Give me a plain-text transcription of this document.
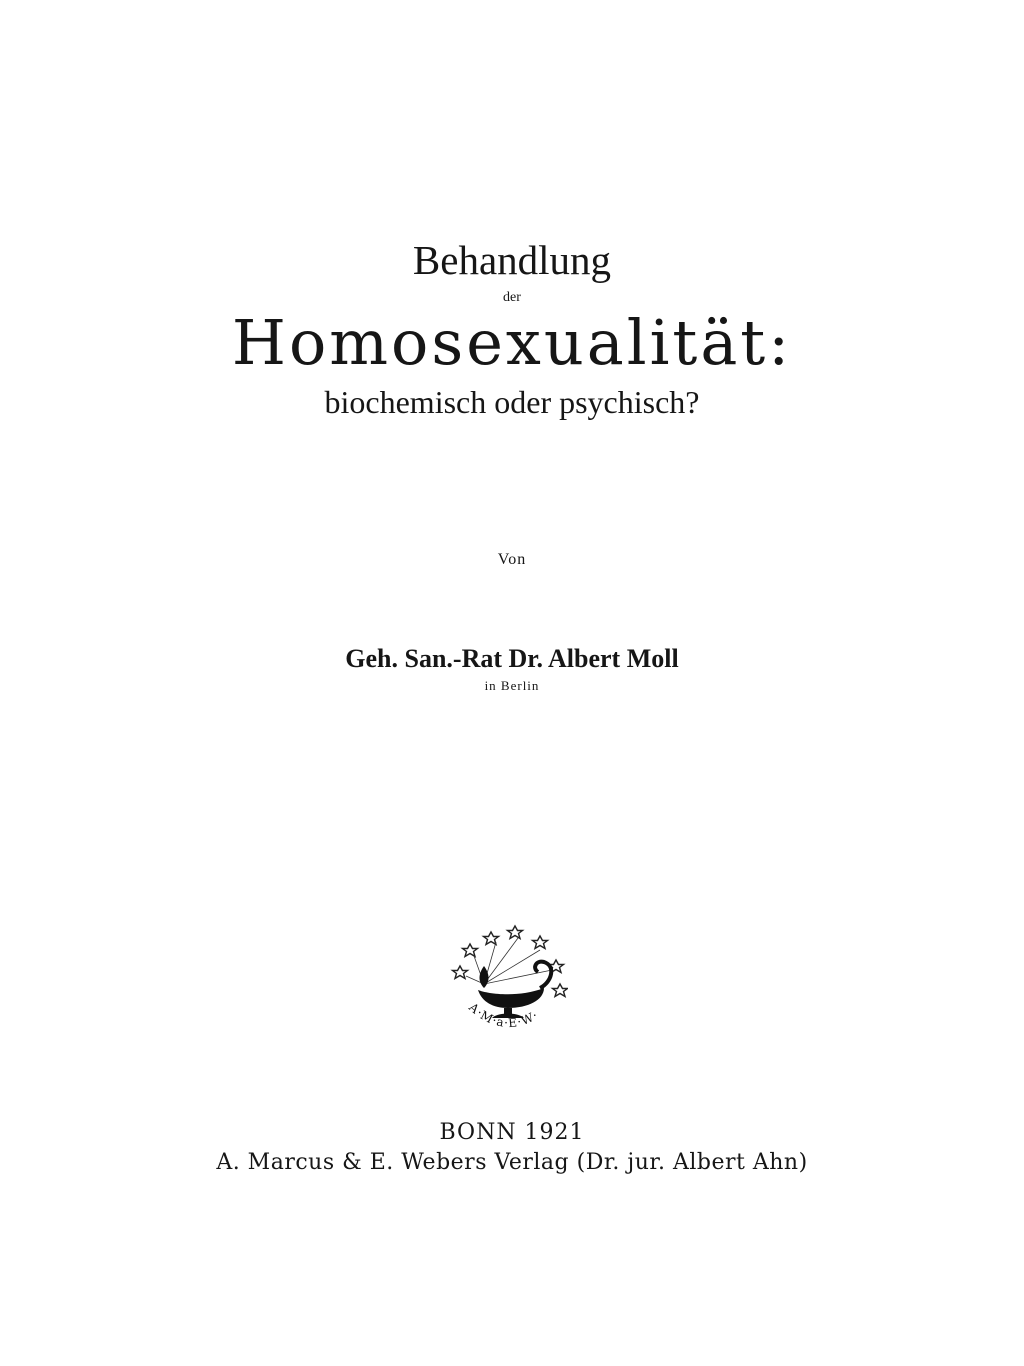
Behandlung
der
Homosexualität:
biochemisch oder psychisch?
Von
Geh. San.-Rat Dr. Albert Moll
in Berlin
A·M·a·E·W·
BONN 1921
A. Marcus & E. Webers Verlag (Dr. jur. Albert Ahn)
